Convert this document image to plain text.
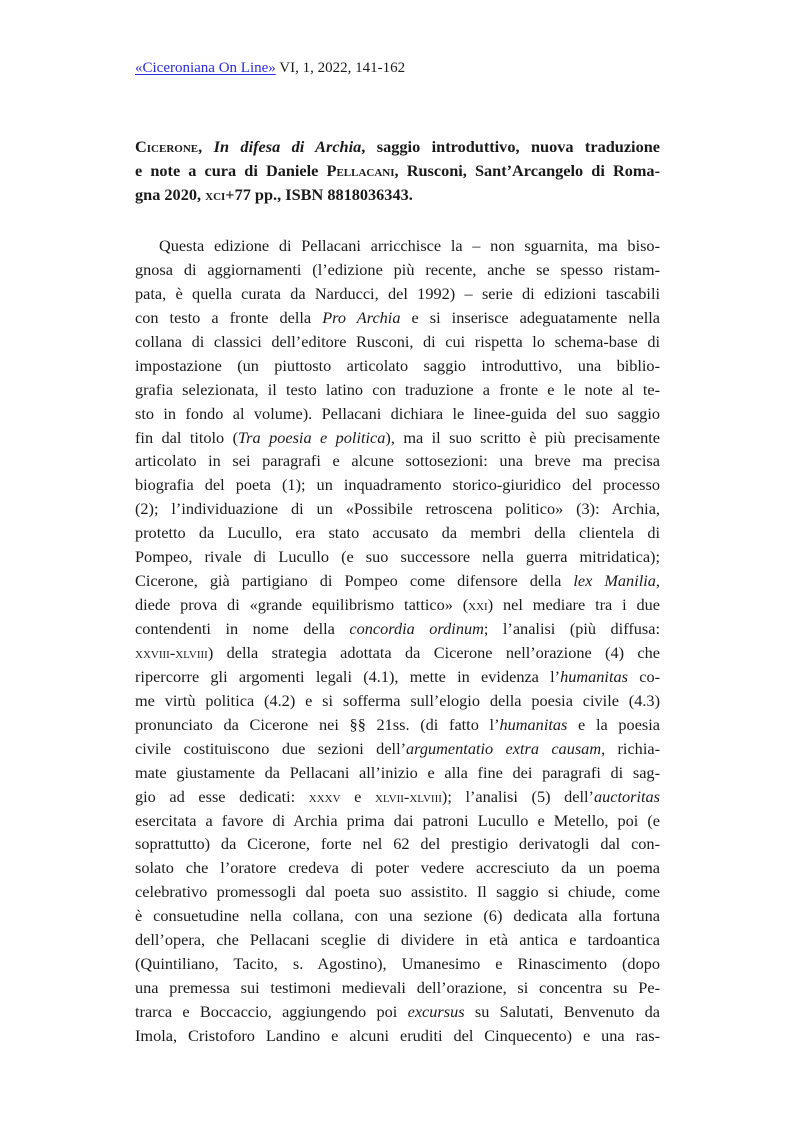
«Ciceroniana On Line» VI, 1, 2022, 141-162
Cicerone, In difesa di Archia, saggio introduttivo, nuova traduzione
e note a cura di Daniele Pellacani, Rusconi, Sant’Arcangelo di Roma-
gna 2020, xci+77 pp., ISBN 8818036343.
Questa edizione di Pellacani arricchisce la – non sguarnita, ma biso-
gnosa di aggiornamenti (l’edizione più recente, anche se spesso ristam-
pata, è quella curata da Narducci, del 1992) – serie di edizioni tascabili
con testo a fronte della Pro Archia e si inserisce adeguatamente nella
collana di classici dell’editore Rusconi, di cui rispetta lo schema-base di
impostazione (un piuttosto articolato saggio introduttivo, una biblio-
grafia selezionata, il testo latino con traduzione a fronte e le note al te-
sto in fondo al volume). Pellacani dichiara le linee-guida del suo saggio
fin dal titolo (Tra poesia e politica), ma il suo scritto è più precisamente
articolato in sei paragrafi e alcune sottosezioni: una breve ma precisa
biografia del poeta (1); un inquadramento storico-giuridico del processo
(2); l’individuazione di un «Possibile retroscena politico» (3): Archia,
protetto da Lucullo, era stato accusato da membri della clientela di
Pompeo, rivale di Lucullo (e suo successore nella guerra mitridatica);
Cicerone, già partigiano di Pompeo come difensore della lex Manilia,
diede prova di «grande equilibrismo tattico» (xxi) nel mediare tra i due
contendenti in nome della concordia ordinum; l’analisi (più diffusa:
xxviii-xlviii) della strategia adottata da Cicerone nell’orazione (4) che
ripercorre gli argomenti legali (4.1), mette in evidenza l’humanitas co-
me virtù politica (4.2) e si sofferma sull’elogio della poesia civile (4.3)
pronunciato da Cicerone nei §§ 21ss. (di fatto l’humanitas e la poesia
civile costituiscono due sezioni dell’argumentatio extra causam, richia-
mate giustamente da Pellacani all’inizio e alla fine dei paragrafi di sag-
gio ad esse dedicati: xxxv e xlvii-xlviii); l’analisi (5) dell’auctoritas
esercitata a favore di Archia prima dai patroni Lucullo e Metello, poi (e
soprattutto) da Cicerone, forte nel 62 del prestigio derivatogli dal con-
solato che l’oratore credeva di poter vedere accresciuto da un poema
celebrativo promessogli dal poeta suo assistito. Il saggio si chiude, come
è consuetudine nella collana, con una sezione (6) dedicata alla fortuna
dell’opera, che Pellacani sceglie di dividere in età antica e tardoantica
(Quintiliano, Tacito, s. Agostino), Umanesimo e Rinascimento (dopo
una premessa sui testimoni medievali dell’orazione, si concentra su Pe-
trarca e Boccaccio, aggiungendo poi excursus su Salutati, Benvenuto da
Imola, Cristoforo Landino e alcuni eruditi del Cinquecento) e una ras-
